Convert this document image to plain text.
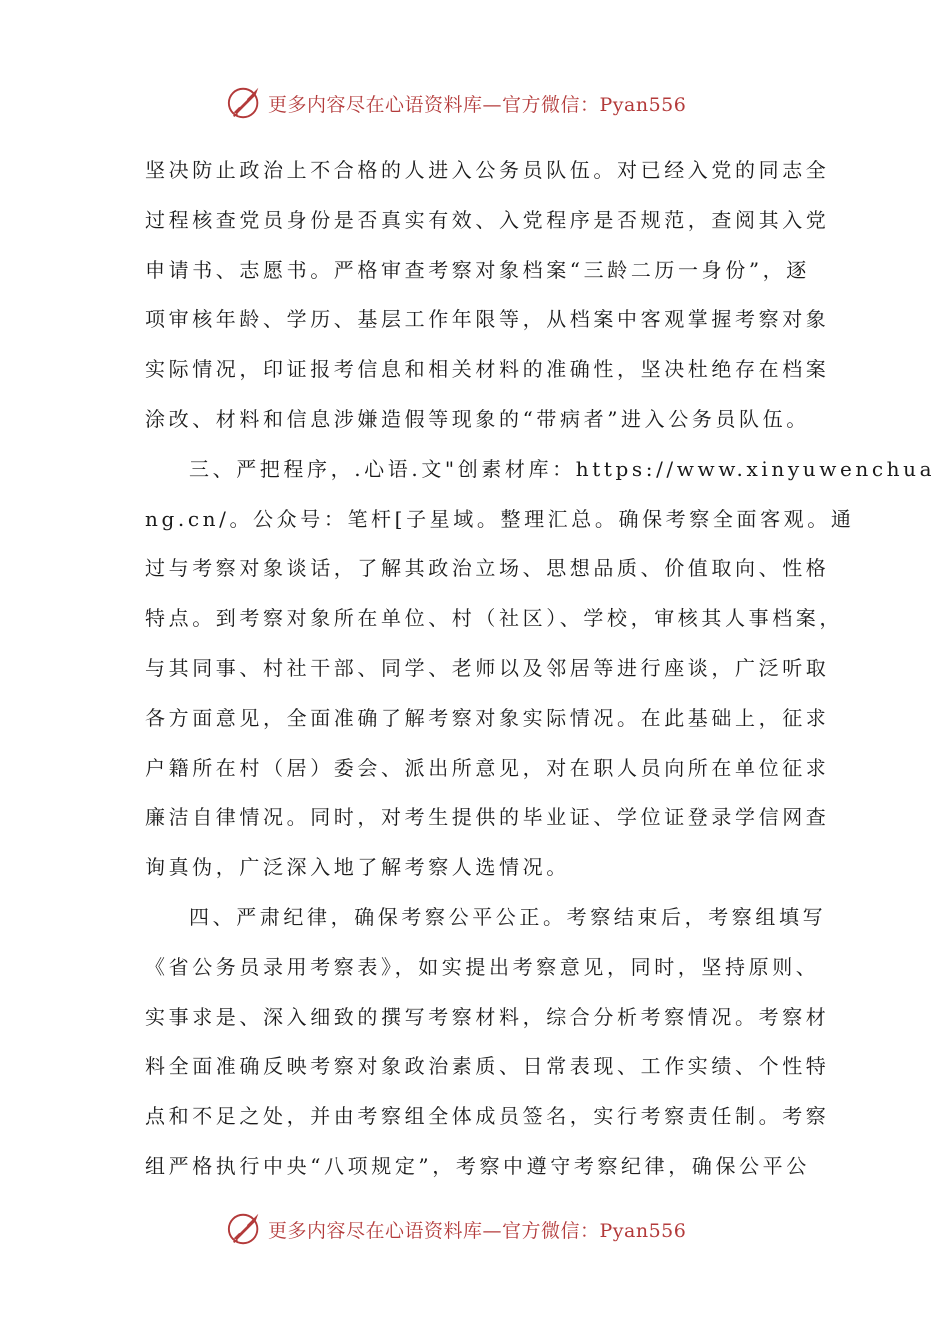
更多内容尽在心语资料库—官方微信：Pyan556
坚决防止政治上不合格的人进入公务员队伍。对已经入党的同志全
过程核查党员身份是否真实有效、入党程序是否规范，查阅其入党
申请书、志愿书。严格审查考察对象档案“三龄二历一身份”，逐
项审核年龄、学历、基层工作年限等，从档案中客观掌握考察对象
实际情况，印证报考信息和相关材料的准确性，坚决杜绝存在档案
涂改、材料和信息涉嫌造假等现象的“带病者”进入公务员队伍。
三、严把程序，.心语.文"创素材库：https://www.xinyuwenchua
ng.cn/。公众号：笔杆[子星域。整理汇总。确保考察全面客观。通
过与考察对象谈话，了解其政治立场、思想品质、价值取向、性格
特点。到考察对象所在单位、村（社区）、学校，审核其人事档案，
与其同事、村社干部、同学、老师以及邻居等进行座谈，广泛听取
各方面意见，全面准确了解考察对象实际情况。在此基础上，征求
户籍所在村（居）委会、派出所意见，对在职人员向所在单位征求
廉洁自律情况。同时，对考生提供的毕业证、学位证登录学信网查
询真伪，广泛深入地了解考察人选情况。
四、严肃纪律，确保考察公平公正。考察结束后，考察组填写
《省公务员录用考察表》，如实提出考察意见，同时，坚持原则、
实事求是、深入细致的撰写考察材料，综合分析考察情况。考察材
料全面准确反映考察对象政治素质、日常表现、工作实绩、个性特
点和不足之处，并由考察组全体成员签名，实行考察责任制。考察
组严格执行中央“八项规定”，考察中遵守考察纪律，确保公平公
更多内容尽在心语资料库—官方微信：Pyan556
